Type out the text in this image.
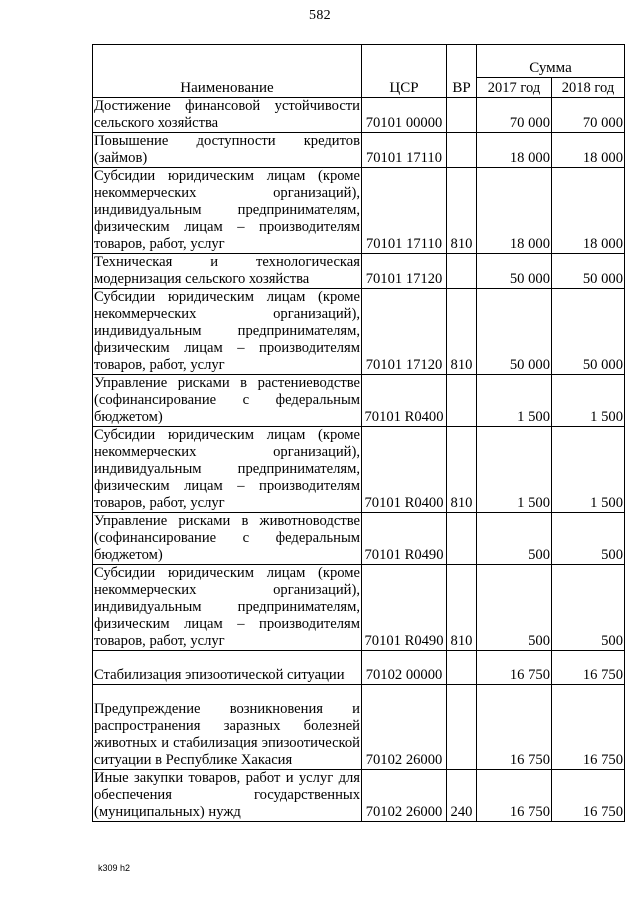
582
Наименование	ЦСР	ВР	Сумма	
			2017 год	2018 год
Достижение финансовой устойчивости сельского хозяйства	70101 00000		70 000	70 000
Повышение доступности кредитов (займов)	70101 17110		18 000	18 000
Субсидии юридическим лицам (кроме некоммерческих организаций), индивидуальным предпринимателям, физическим лицам – производителям товаров, работ, услуг	70101 17110	810	18 000	18 000
Техническая и технологическая модернизация сельского хозяйства	70101 17120		50 000	50 000
Субсидии юридическим лицам (кроме некоммерческих организаций), индивидуальным предпринимателям, физическим лицам – производителям товаров, работ, услуг	70101 17120	810	50 000	50 000
Управление рисками в растениеводстве (софинансирование с федеральным бюджетом)	70101 R0400		1 500	1 500
Субсидии юридическим лицам (кроме некоммерческих организаций), индивидуальным предпринимателям, физическим лицам – производителям товаров, работ, услуг	70101 R0400	810	1 500	1 500
Управление рисками в животноводстве (софинансирование с федеральным бюджетом)	70101 R0490		500	500
Субсидии юридическим лицам (кроме некоммерческих организаций), индивидуальным предпринимателям, физическим лицам – производителям товаров, работ, услуг	70101 R0490	810	500	500
Стабилизация эпизоотической ситуации	70102 00000		16 750	16 750
Предупреждение возникновения и распространения заразных болезней животных и стабилизация эпизоотической ситуации в Республике Хакасия	70102 26000		16 750	16 750
Иные закупки товаров, работ и услуг для обеспечения государственных (муниципальных) нужд	70102 26000	240	16 750	16 750
k309 h2
